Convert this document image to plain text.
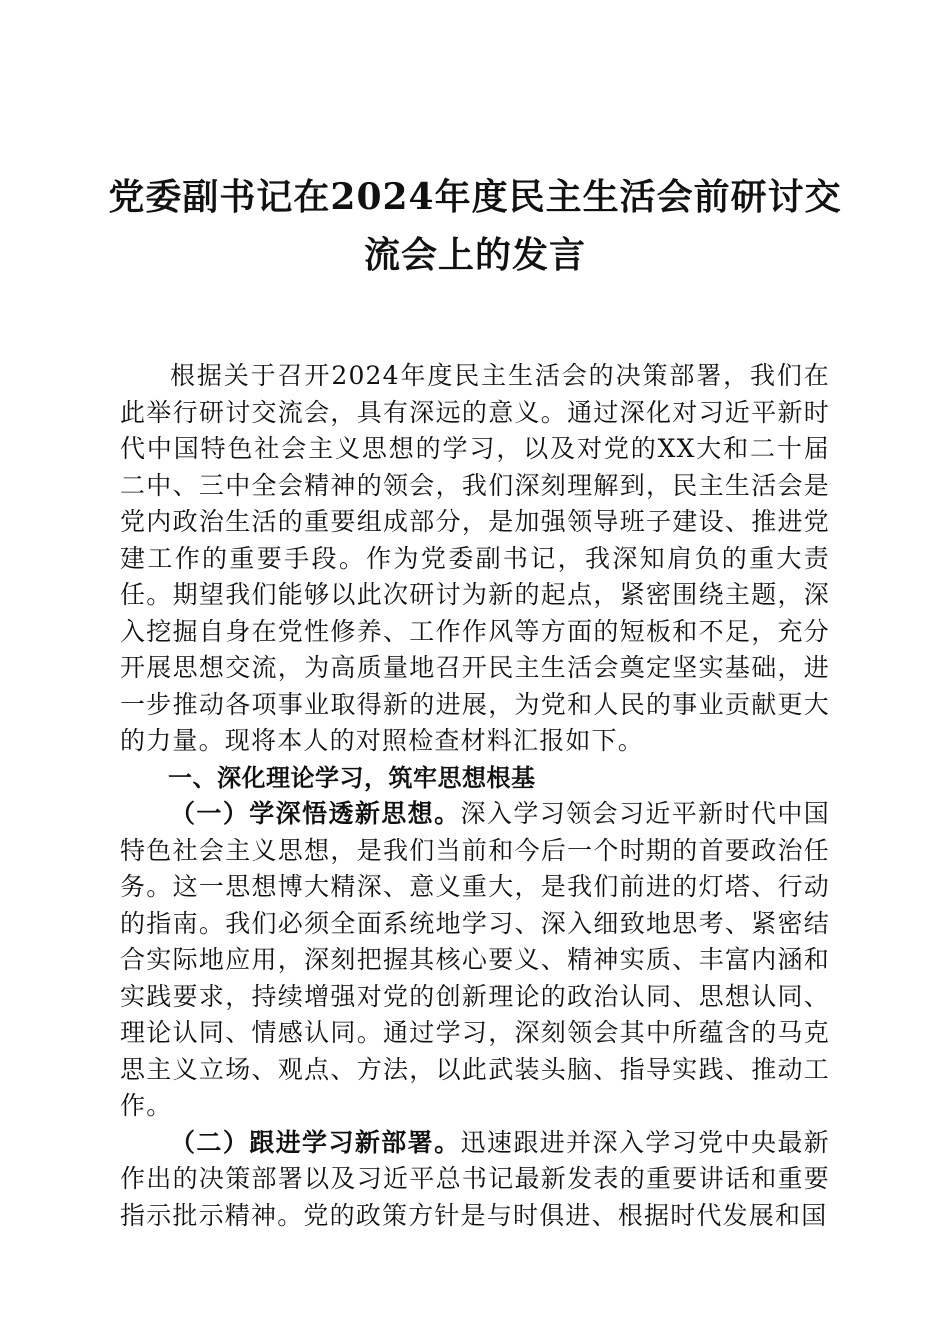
党委副书记在2024年度民主生活会前研讨交
流会上的发言

根据关于召开2024年度民主生活会的决策部署，我们在此举行研讨交流会，具有深远的意义。通过深化对习近平新时代中国特色社会主义思想的学习，以及对党的XX大和二十届二中、三中全会精神的领会，我们深刻理解到，民主生活会是党内政治生活的重要组成部分，是加强领导班子建设、推进党建工作的重要手段。作为党委副书记，我深知肩负的重大责任。期望我们能够以此次研讨为新的起点，紧密围绕主题，深入挖掘自身在党性修养、工作作风等方面的短板和不足，充分开展思想交流，为高质量地召开民主生活会奠定坚实基础，进一步推动各项事业取得新的进展，为党和人民的事业贡献更大的力量。现将本人的对照检查材料汇报如下。

一、深化理论学习，筑牢思想根基

（一）学深悟透新思想。深入学习领会习近平新时代中国特色社会主义思想，是我们当前和今后一个时期的首要政治任务。这一思想博大精深、意义重大，是我们前进的灯塔、行动的指南。我们必须全面系统地学习、深入细致地思考、紧密结合实际地应用，深刻把握其核心要义、精神实质、丰富内涵和实践要求，持续增强对党的创新理论的政治认同、思想认同、理论认同、情感认同。通过学习，深刻领会其中所蕴含的马克思主义立场、观点、方法，以此武装头脑、指导实践、推动工作。

（二）跟进学习新部署。迅速跟进并深入学习党中央最新作出的决策部署以及习近平总书记最新发表的重要讲话和重要指示批示精神。党的政策方针是与时俱进、根据时代发展和国
